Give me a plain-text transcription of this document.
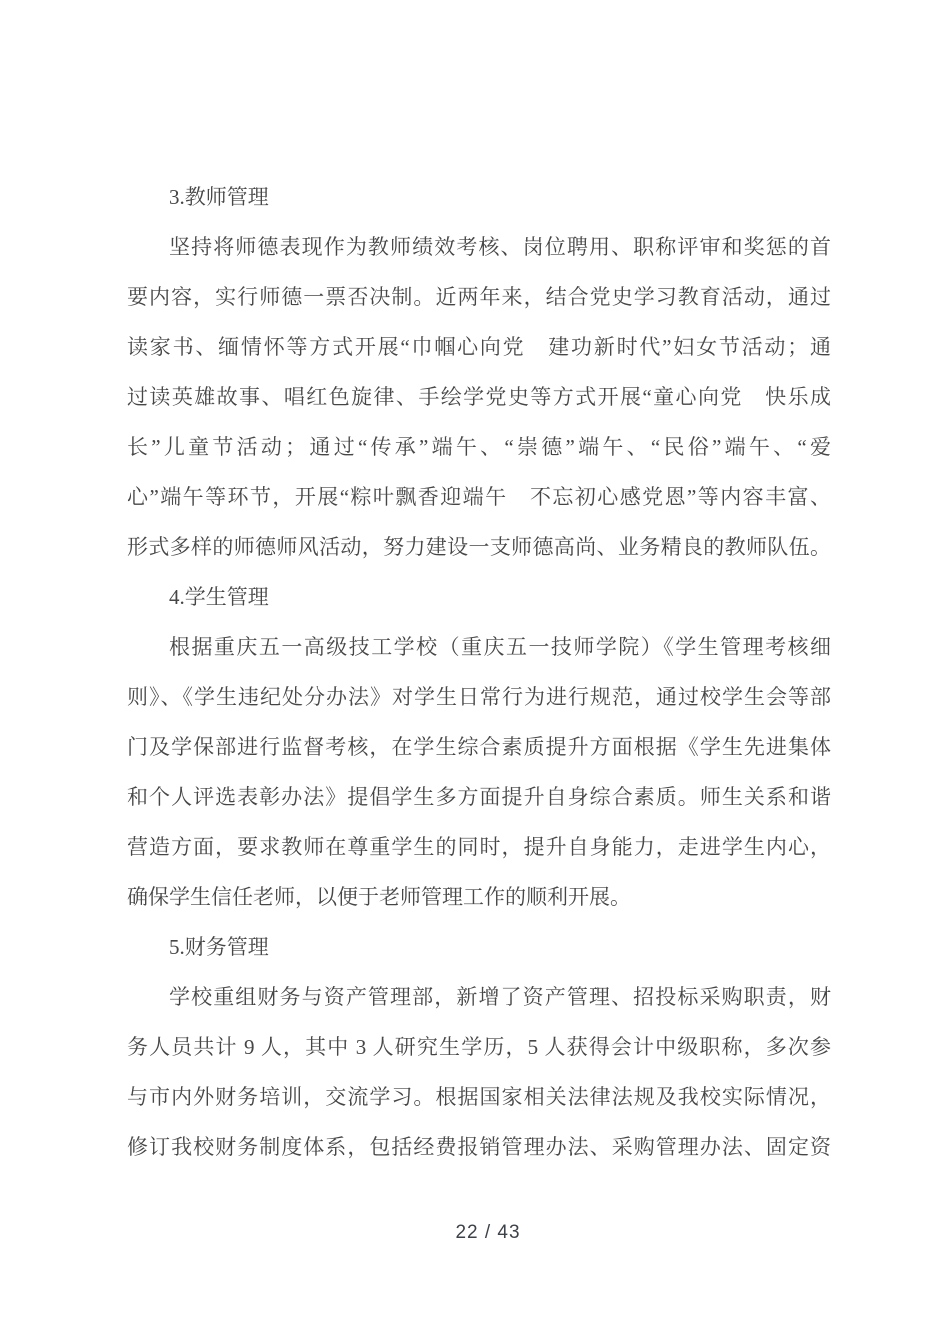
3.教师管理
坚持将师德表现作为教师绩效考核、岗位聘用、职称评审和奖惩的首
要内容，实行师德一票否决制。近两年来，结合党史学习教育活动，通过
读家书、缅情怀等方式开展“巾帼心向党　建功新时代”妇女节活动；通
过读英雄故事、唱红色旋律、手绘学党史等方式开展“童心向党　快乐成
长”儿童节活动；通过“传承”端午、“崇德”端午、“民俗”端午、“爱
心”端午等环节，开展“粽叶飘香迎端午　不忘初心感党恩”等内容丰富、
形式多样的师德师风活动，努力建设一支师德高尚、业务精良的教师队伍。
4.学生管理
根据重庆五一高级技工学校（重庆五一技师学院）《学生管理考核细
则》、《学生违纪处分办法》对学生日常行为进行规范，通过校学生会等部
门及学保部进行监督考核，在学生综合素质提升方面根据《学生先进集体
和个人评选表彰办法》提倡学生多方面提升自身综合素质。师生关系和谐
营造方面，要求教师在尊重学生的同时，提升自身能力，走进学生内心，
确保学生信任老师，以便于老师管理工作的顺利开展。
5.财务管理
学校重组财务与资产管理部，新增了资产管理、招投标采购职责，财
务人员共计 9 人，其中 3 人研究生学历，5 人获得会计中级职称，多次参
与市内外财务培训，交流学习。根据国家相关法律法规及我校实际情况，
修订我校财务制度体系，包括经费报销管理办法、采购管理办法、固定资
22 / 43
